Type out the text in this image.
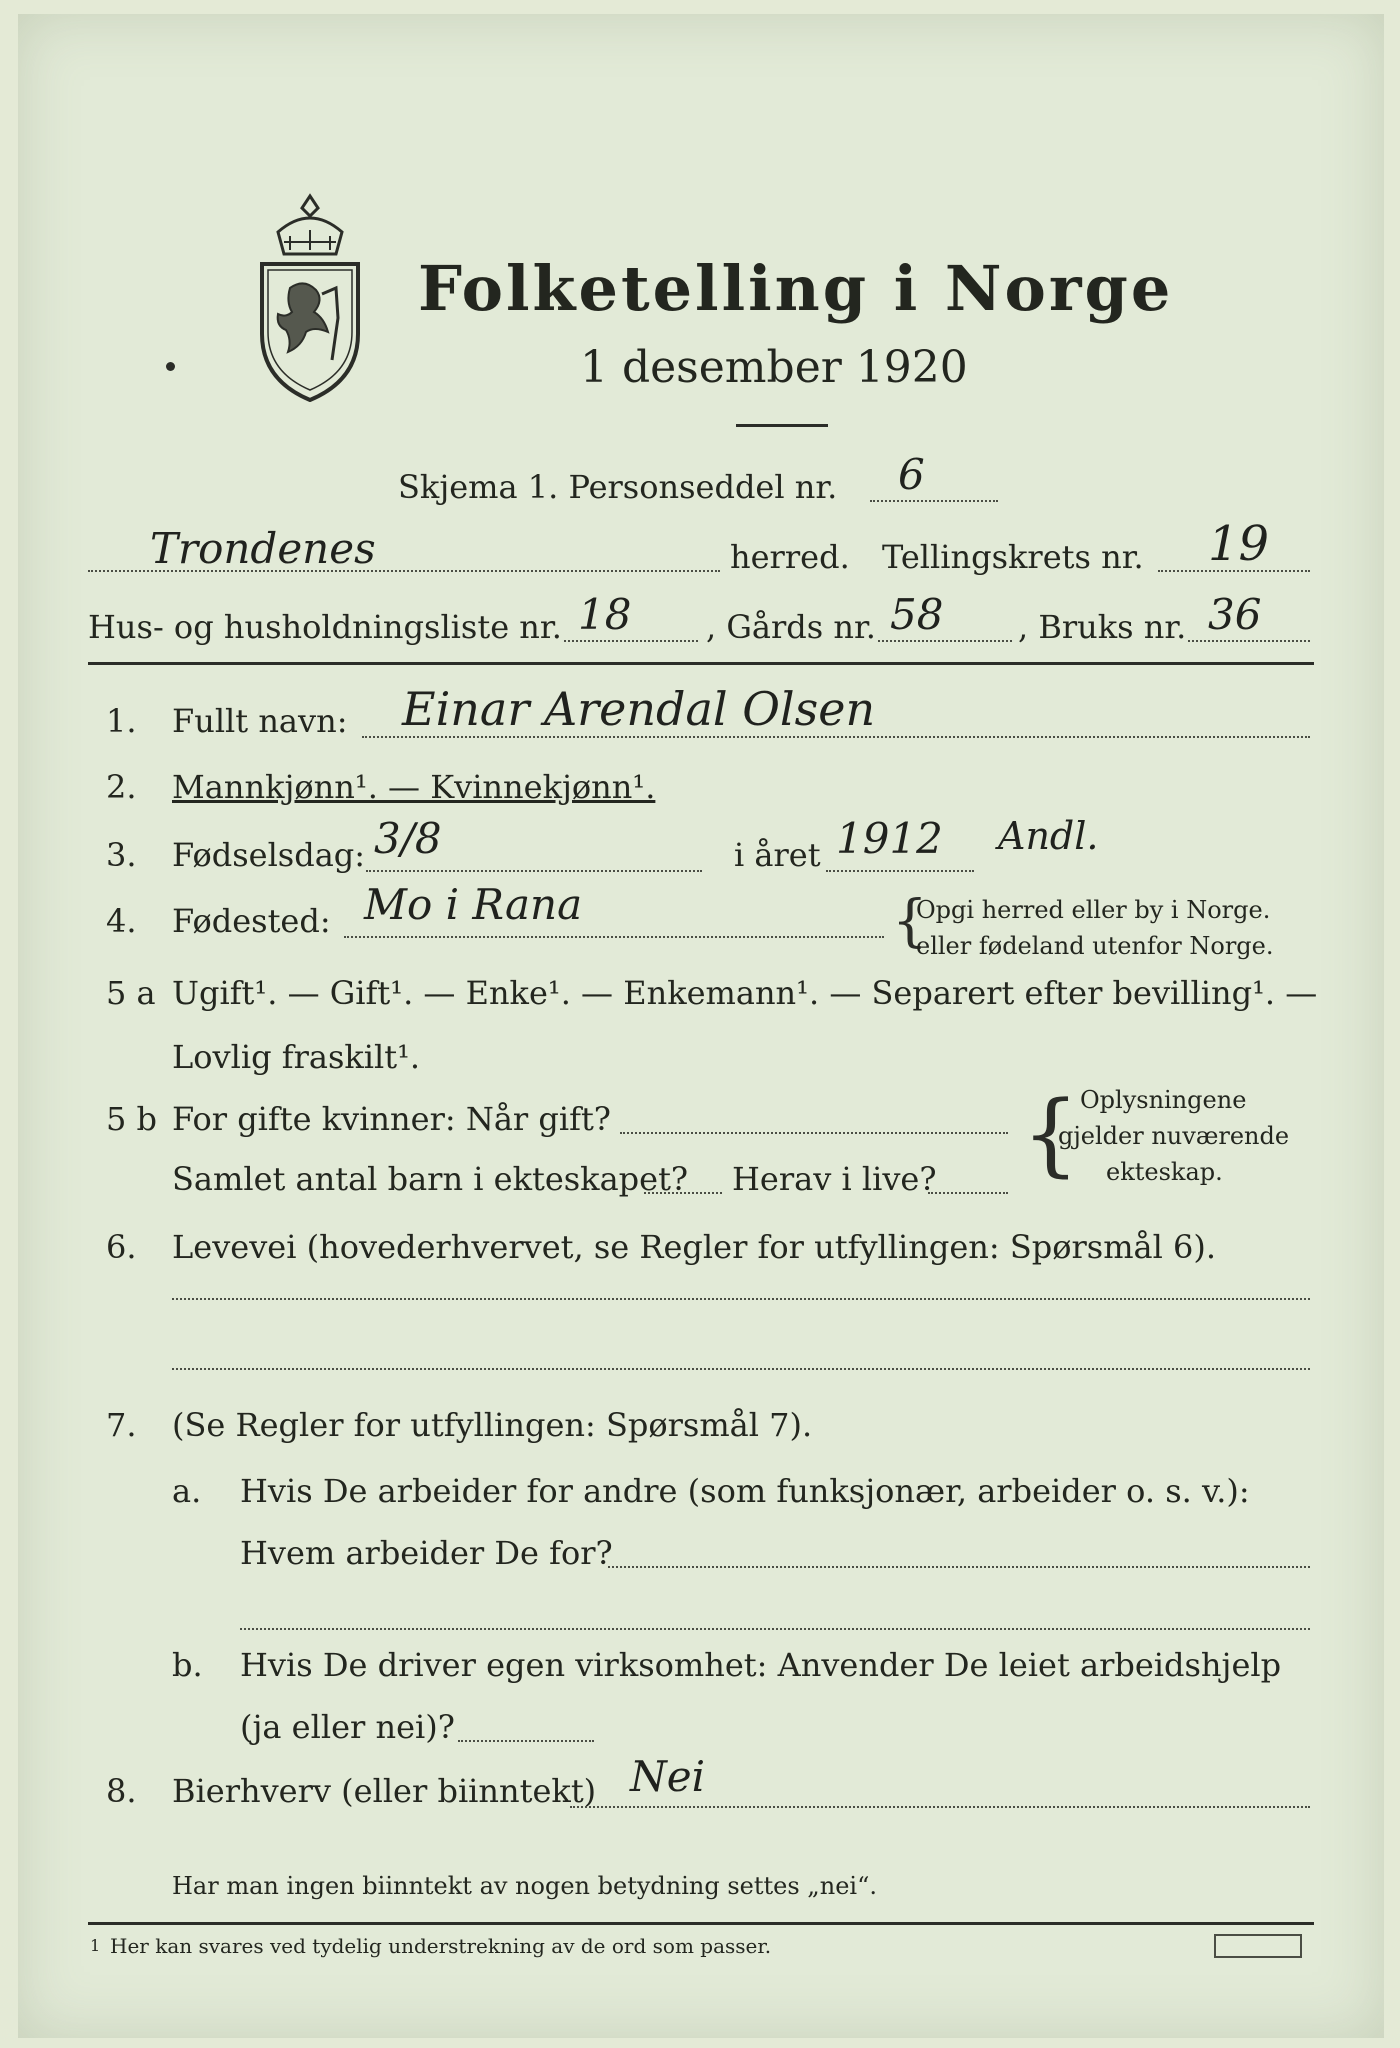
Folketelling i Norge
1 desember 1920
Skjema 1. Personseddel nr. 6
Trondenes	herred. Tellingskrets nr. 19
Hus- og husholdningsliste nr. 18 , Gårds nr. 58 , Bruks nr. 36
1. Fullt navn: Einar Arendal Olsen
2. Mannkjønn¹. — Kvinnekjønn¹.
3. Fødselsdag: 3/8	i året 1912 Andl.
4. Fødested: Mo i Rana	{
Opgi herred eller by i Norge.
eller fødeland utenfor Norge.
5 a Ugift¹. — Gift¹. — Enke¹. — Enkemann¹. — Separert efter bevilling¹. —
Lovlig fraskilt¹.
5 b For gifte kvinner: Når gift?
Samlet antal barn i ekteskapet? Herav i live? { Oplysningene
gjelder nuværende
ekteskap.
6. Levevei (hovederhvervet, se Regler for utfyllingen: Spørsmål 6).
7. (Se Regler for utfyllingen: Spørsmål 7).
a. Hvis De arbeider for andre (som funksjonær, arbeider o. s. v.):
Hvem arbeider De for?
b. Hvis De driver egen virksomhet: Anvender De leiet arbeidshjelp
(ja eller nei)?
8. Bierhverv (eller biinntekt) Nei
Har man ingen biinntekt av nogen betydning settes „nei“.
1 Her kan svares ved tydelig understrekning av de ord som passer.
